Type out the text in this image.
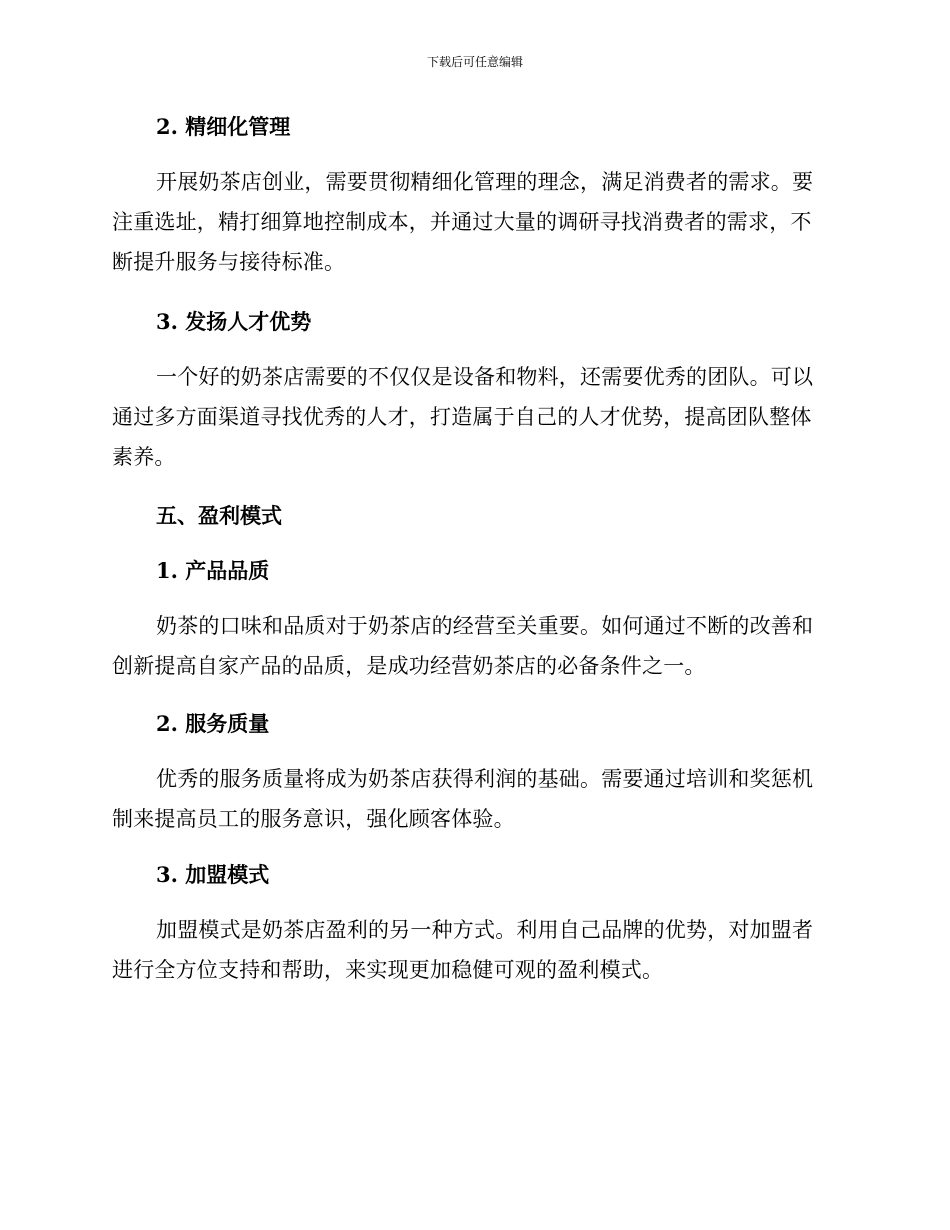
下载后可任意编辑
2. 精细化管理
开展奶茶店创业，需要贯彻精细化管理的理念，满足消费者的需求。要注重选址，精打细算地控制成本，并通过大量的调研寻找消费者的需求，不断提升服务与接待标准。
3. 发扬人才优势
一个好的奶茶店需要的不仅仅是设备和物料，还需要优秀的团队。可以通过多方面渠道寻找优秀的人才，打造属于自己的人才优势，提高团队整体素养。
五、盈利模式
1. 产品品质
奶茶的口味和品质对于奶茶店的经营至关重要。如何通过不断的改善和创新提高自家产品的品质，是成功经营奶茶店的必备条件之一。
2. 服务质量
优秀的服务质量将成为奶茶店获得利润的基础。需要通过培训和奖惩机制来提高员工的服务意识，强化顾客体验。
3. 加盟模式
加盟模式是奶茶店盈利的另一种方式。利用自己品牌的优势，对加盟者进行全方位支持和帮助，来实现更加稳健可观的盈利模式。
